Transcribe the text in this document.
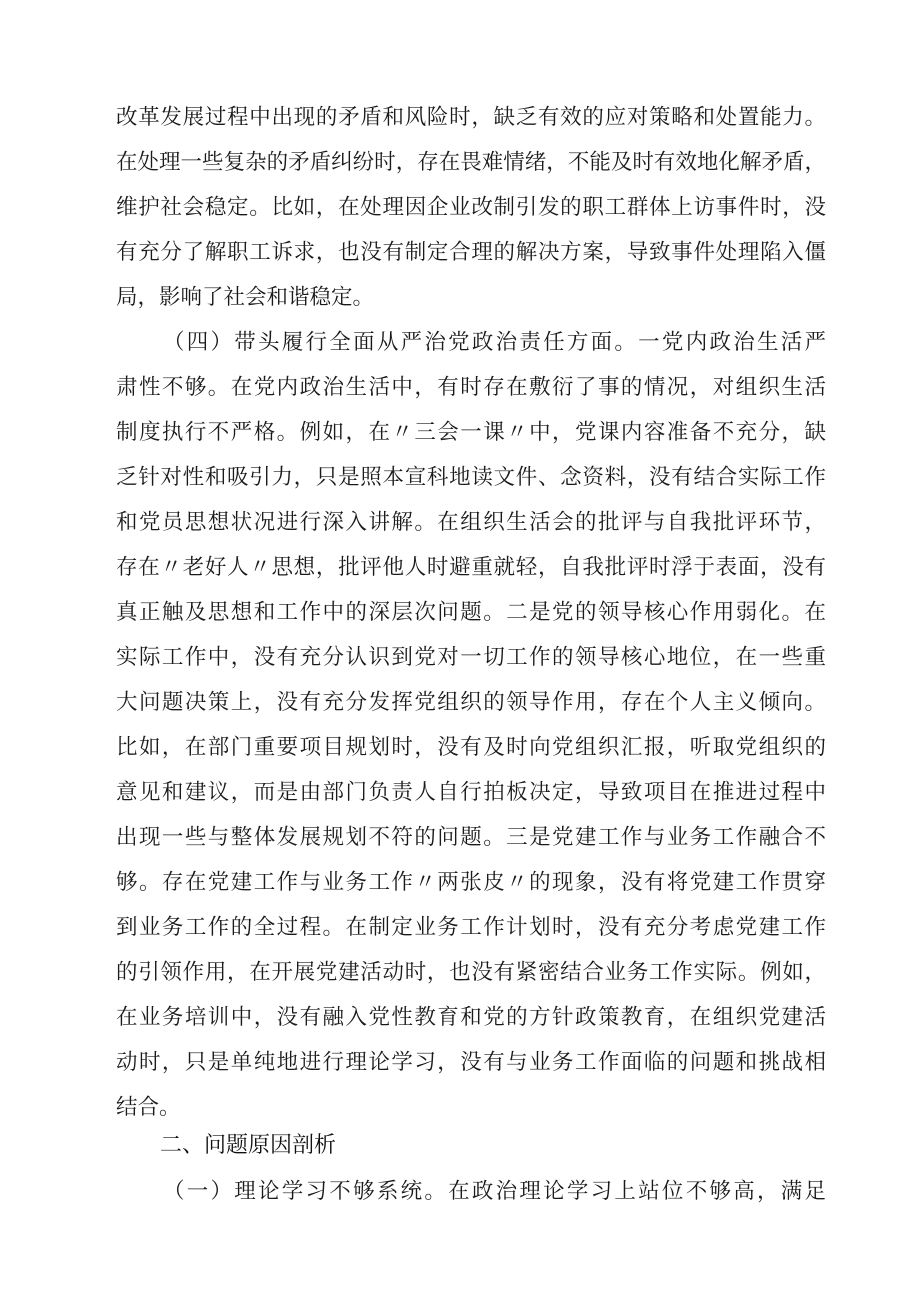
改革发展过程中出现的矛盾和风险时，缺乏有效的应对策略和处置能力。

在处理一些复杂的矛盾纠纷时，存在畏难情绪，不能及时有效地化解矛盾，

维护社会稳定。比如，在处理因企业改制引发的职工群体上访事件时，没

有充分了解职工诉求，也没有制定合理的解决方案，导致事件处理陷入僵

局，影响了社会和谐稳定。

（四）带头履行全面从严治党政治责任方面。一党内政治生活严

肃性不够。在党内政治生活中，有时存在敷衍了事的情况，对组织生活

制度执行不严格。例如，在〃三会一课〃中，党课内容准备不充分，缺

乏针对性和吸引力，只是照本宣科地读文件、念资料，没有结合实际工作

和党员思想状况进行深入讲解。在组织生活会的批评与自我批评环节，

存在〃老好人〃思想，批评他人时避重就轻，自我批评时浮于表面，没有

真正触及思想和工作中的深层次问题。二是党的领导核心作用弱化。在

实际工作中，没有充分认识到党对一切工作的领导核心地位，在一些重

大问题决策上，没有充分发挥党组织的领导作用，存在个人主义倾向。

比如，在部门重要项目规划时，没有及时向党组织汇报，听取党组织的

意见和建议，而是由部门负责人自行拍板决定，导致项目在推进过程中

出现一些与整体发展规划不符的问题。三是党建工作与业务工作融合不

够。存在党建工作与业务工作〃两张皮〃的现象，没有将党建工作贯穿

到业务工作的全过程。在制定业务工作计划时，没有充分考虑党建工作

的引领作用，在开展党建活动时，也没有紧密结合业务工作实际。例如，

在业务培训中，没有融入党性教育和党的方针政策教育，在组织党建活

动时，只是单纯地进行理论学习，没有与业务工作面临的问题和挑战相

结合。

二、问题原因剖析

（一）理论学习不够系统。在政治理论学习上站位不够高，满足
